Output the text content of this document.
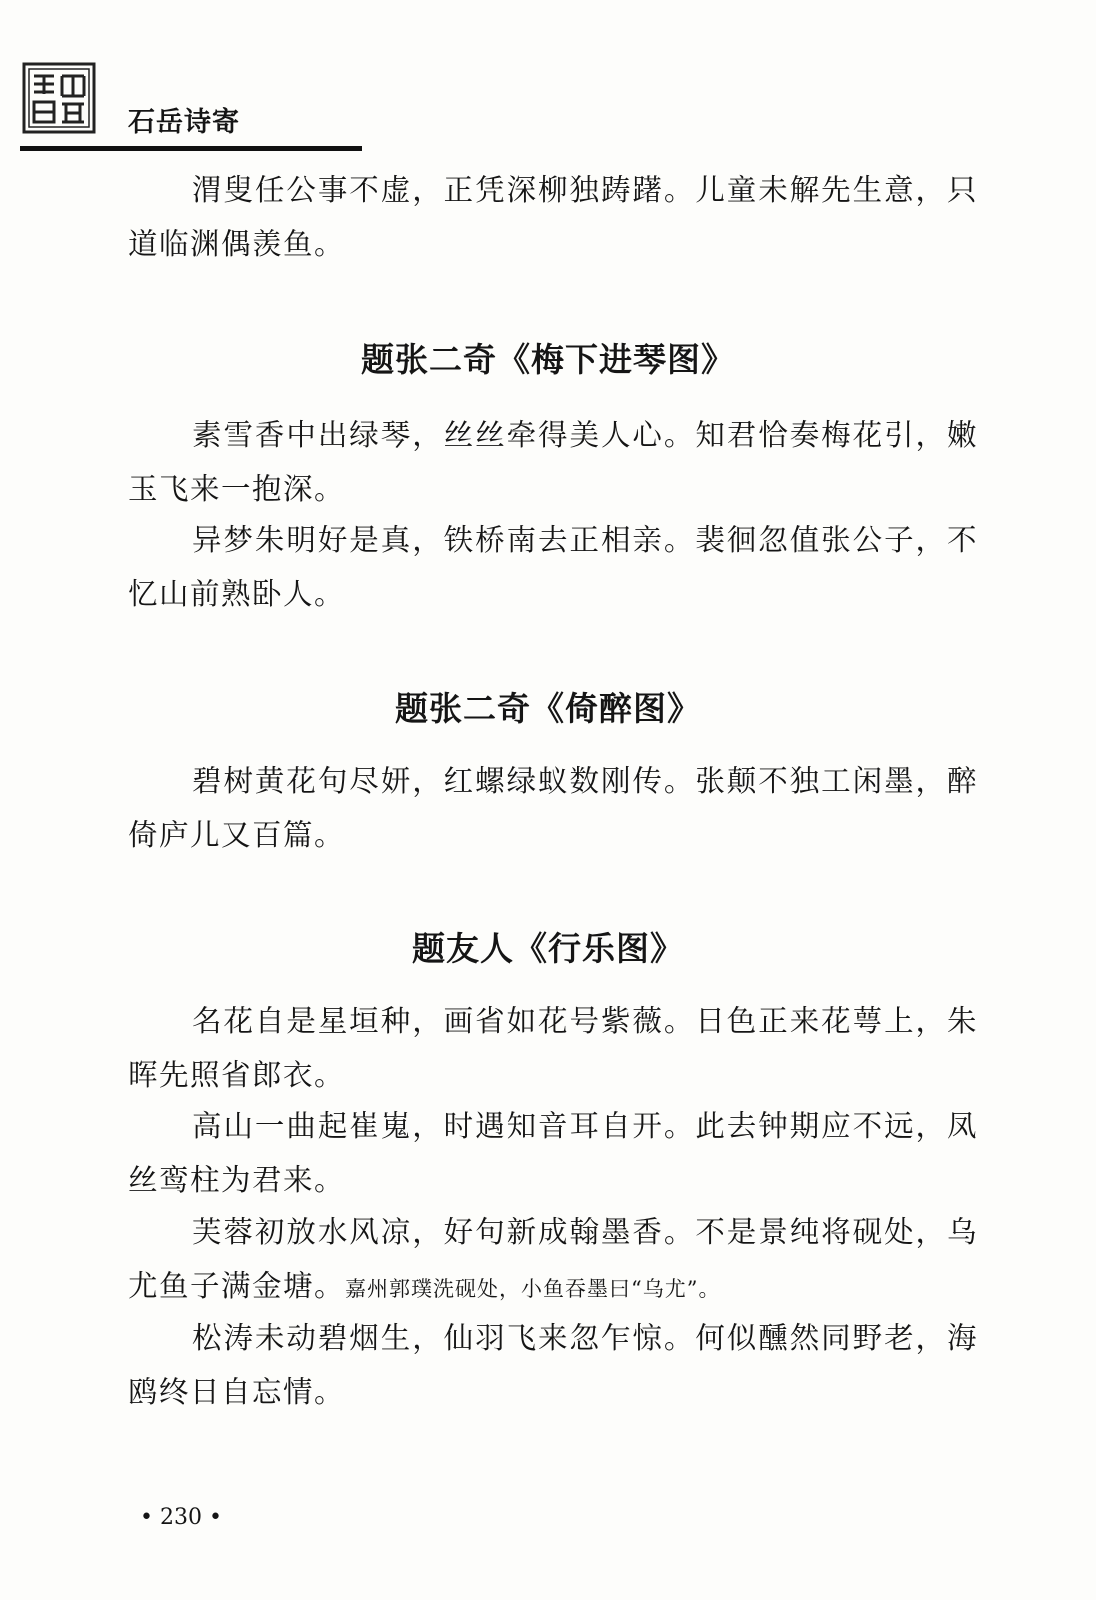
石岳诗寄

渭叟任公事不虚，正凭深柳独踌躇。儿童未解先生意，只道临渊偶羡鱼。

题张二奇《梅下进琴图》

素雪香中出绿琴，丝丝牵得美人心。知君恰奏梅花引，嫩玉飞来一抱深。

异梦朱明好是真，铁桥南去正相亲。裴徊忽值张公子，不忆山前熟卧人。

题张二奇《倚醉图》

碧树黄花句尽妍，红螺绿蚁数刚传。张颠不独工闲墨，醉倚庐儿又百篇。

题友人《行乐图》

名花自是星垣种，画省如花号紫薇。日色正来花萼上，朱晖先照省郎衣。

高山一曲起崔嵬，时遇知音耳自开。此去钟期应不远，凤丝鸾柱为君来。

芙蓉初放水风凉，好句新成翰墨香。不是景纯将砚处，乌尤鱼子满金塘。嘉州郭璞洗砚处，小鱼吞墨曰“乌尤”。

松涛未动碧烟生，仙羽飞来忽乍惊。何似醺然同野老，海鸥终日自忘情。

• 230 •
